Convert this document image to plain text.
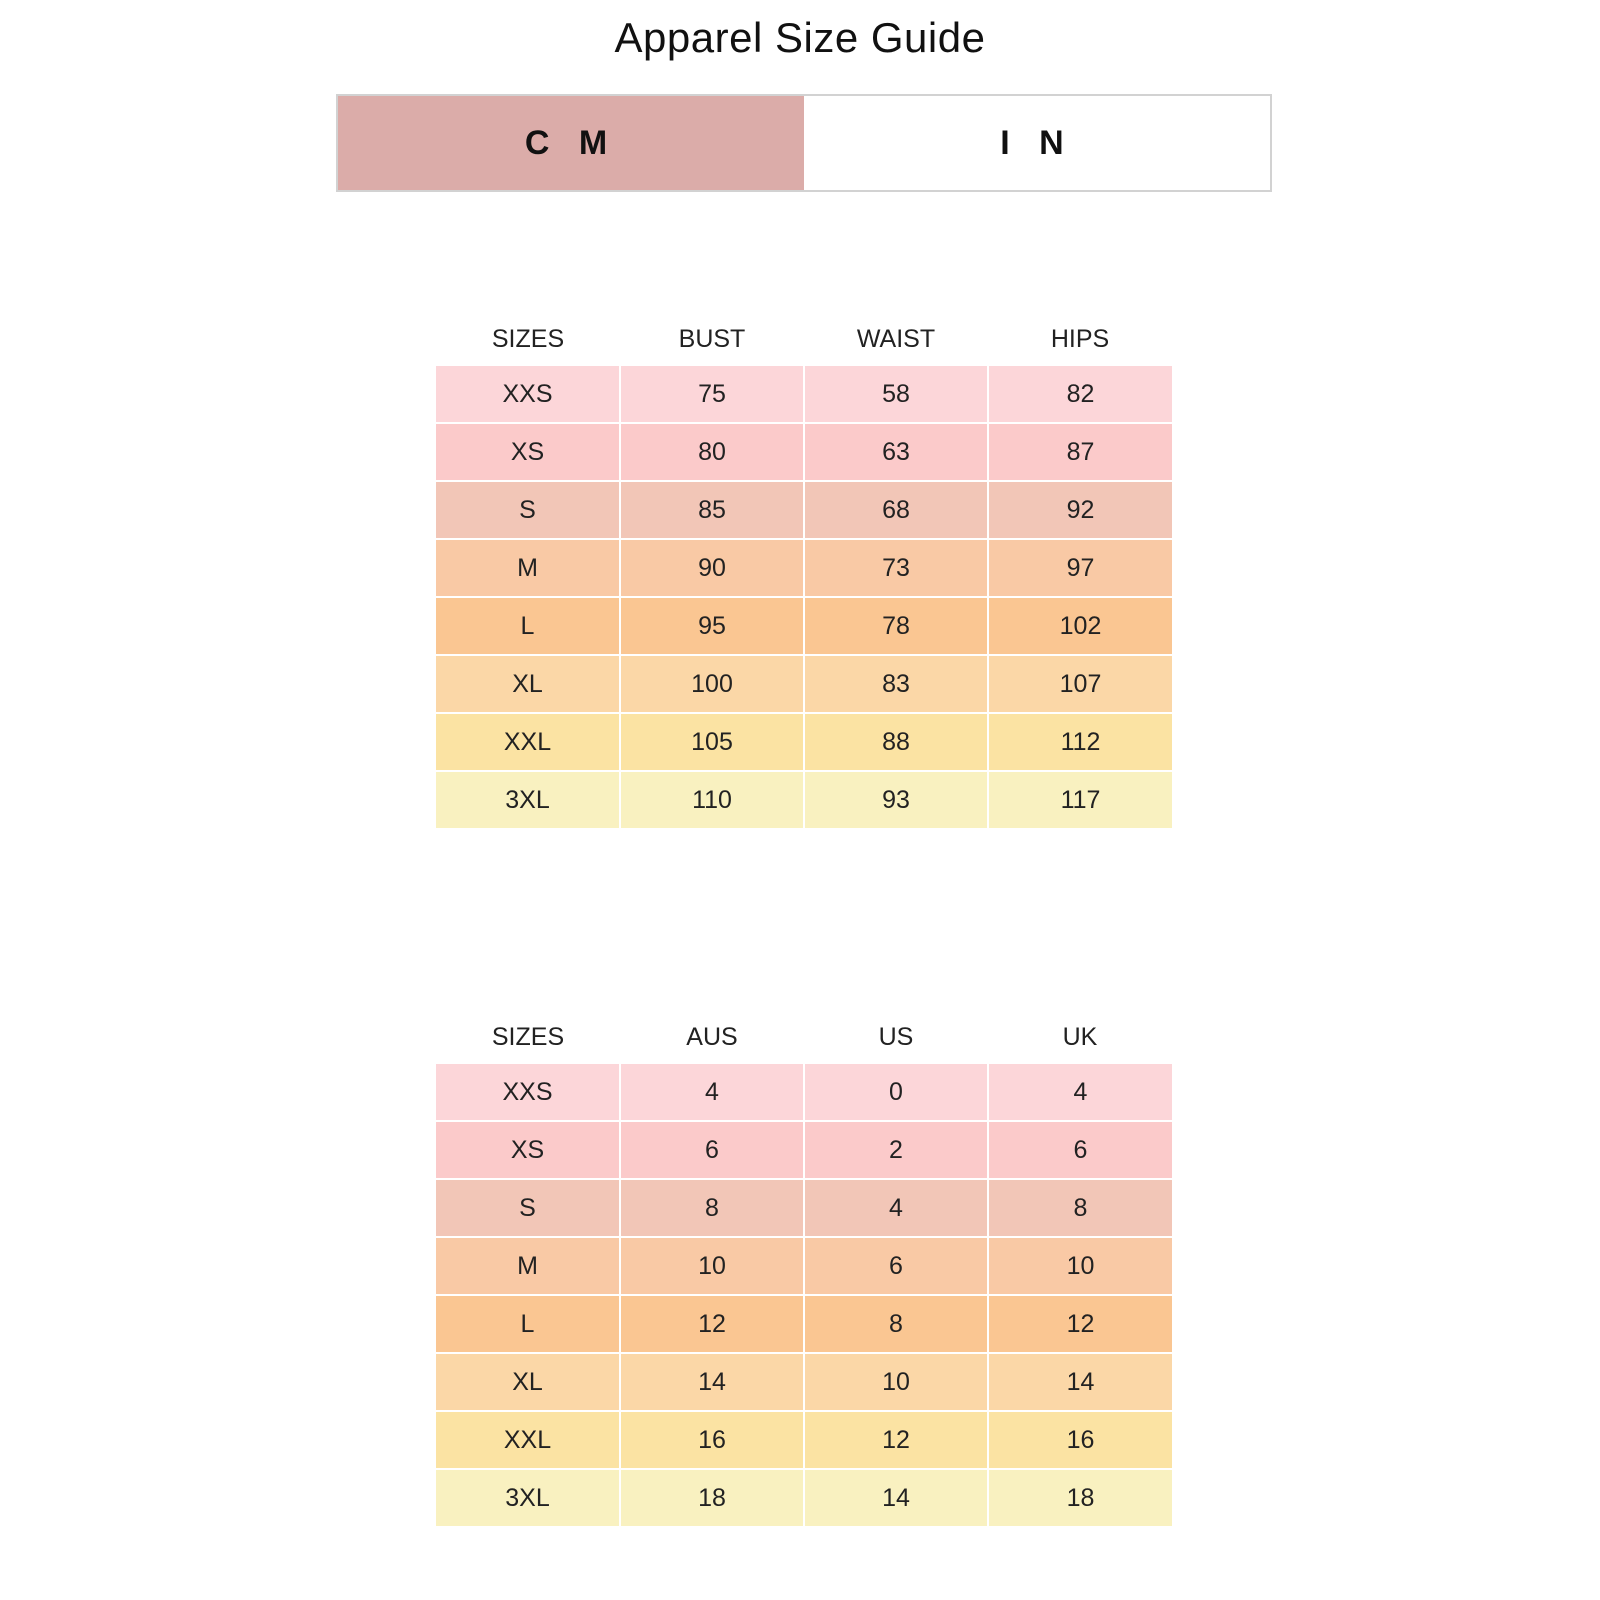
Apparel Size Guide
C M	I N
SIZES	BUST	WAIST	HIPS
XXS	75	58	82
XS	80	63	87
S	85	68	92
M	90	73	97
L	95	78	102
XL	100	83	107
XXL	105	88	112
3XL	110	93	117
SIZES	AUS	US	UK
XXS	4	0	4
XS	6	2	6
S	8	4	8
M	10	6	10
L	12	8	12
XL	14	10	14
XXL	16	12	16
3XL	18	14	18
